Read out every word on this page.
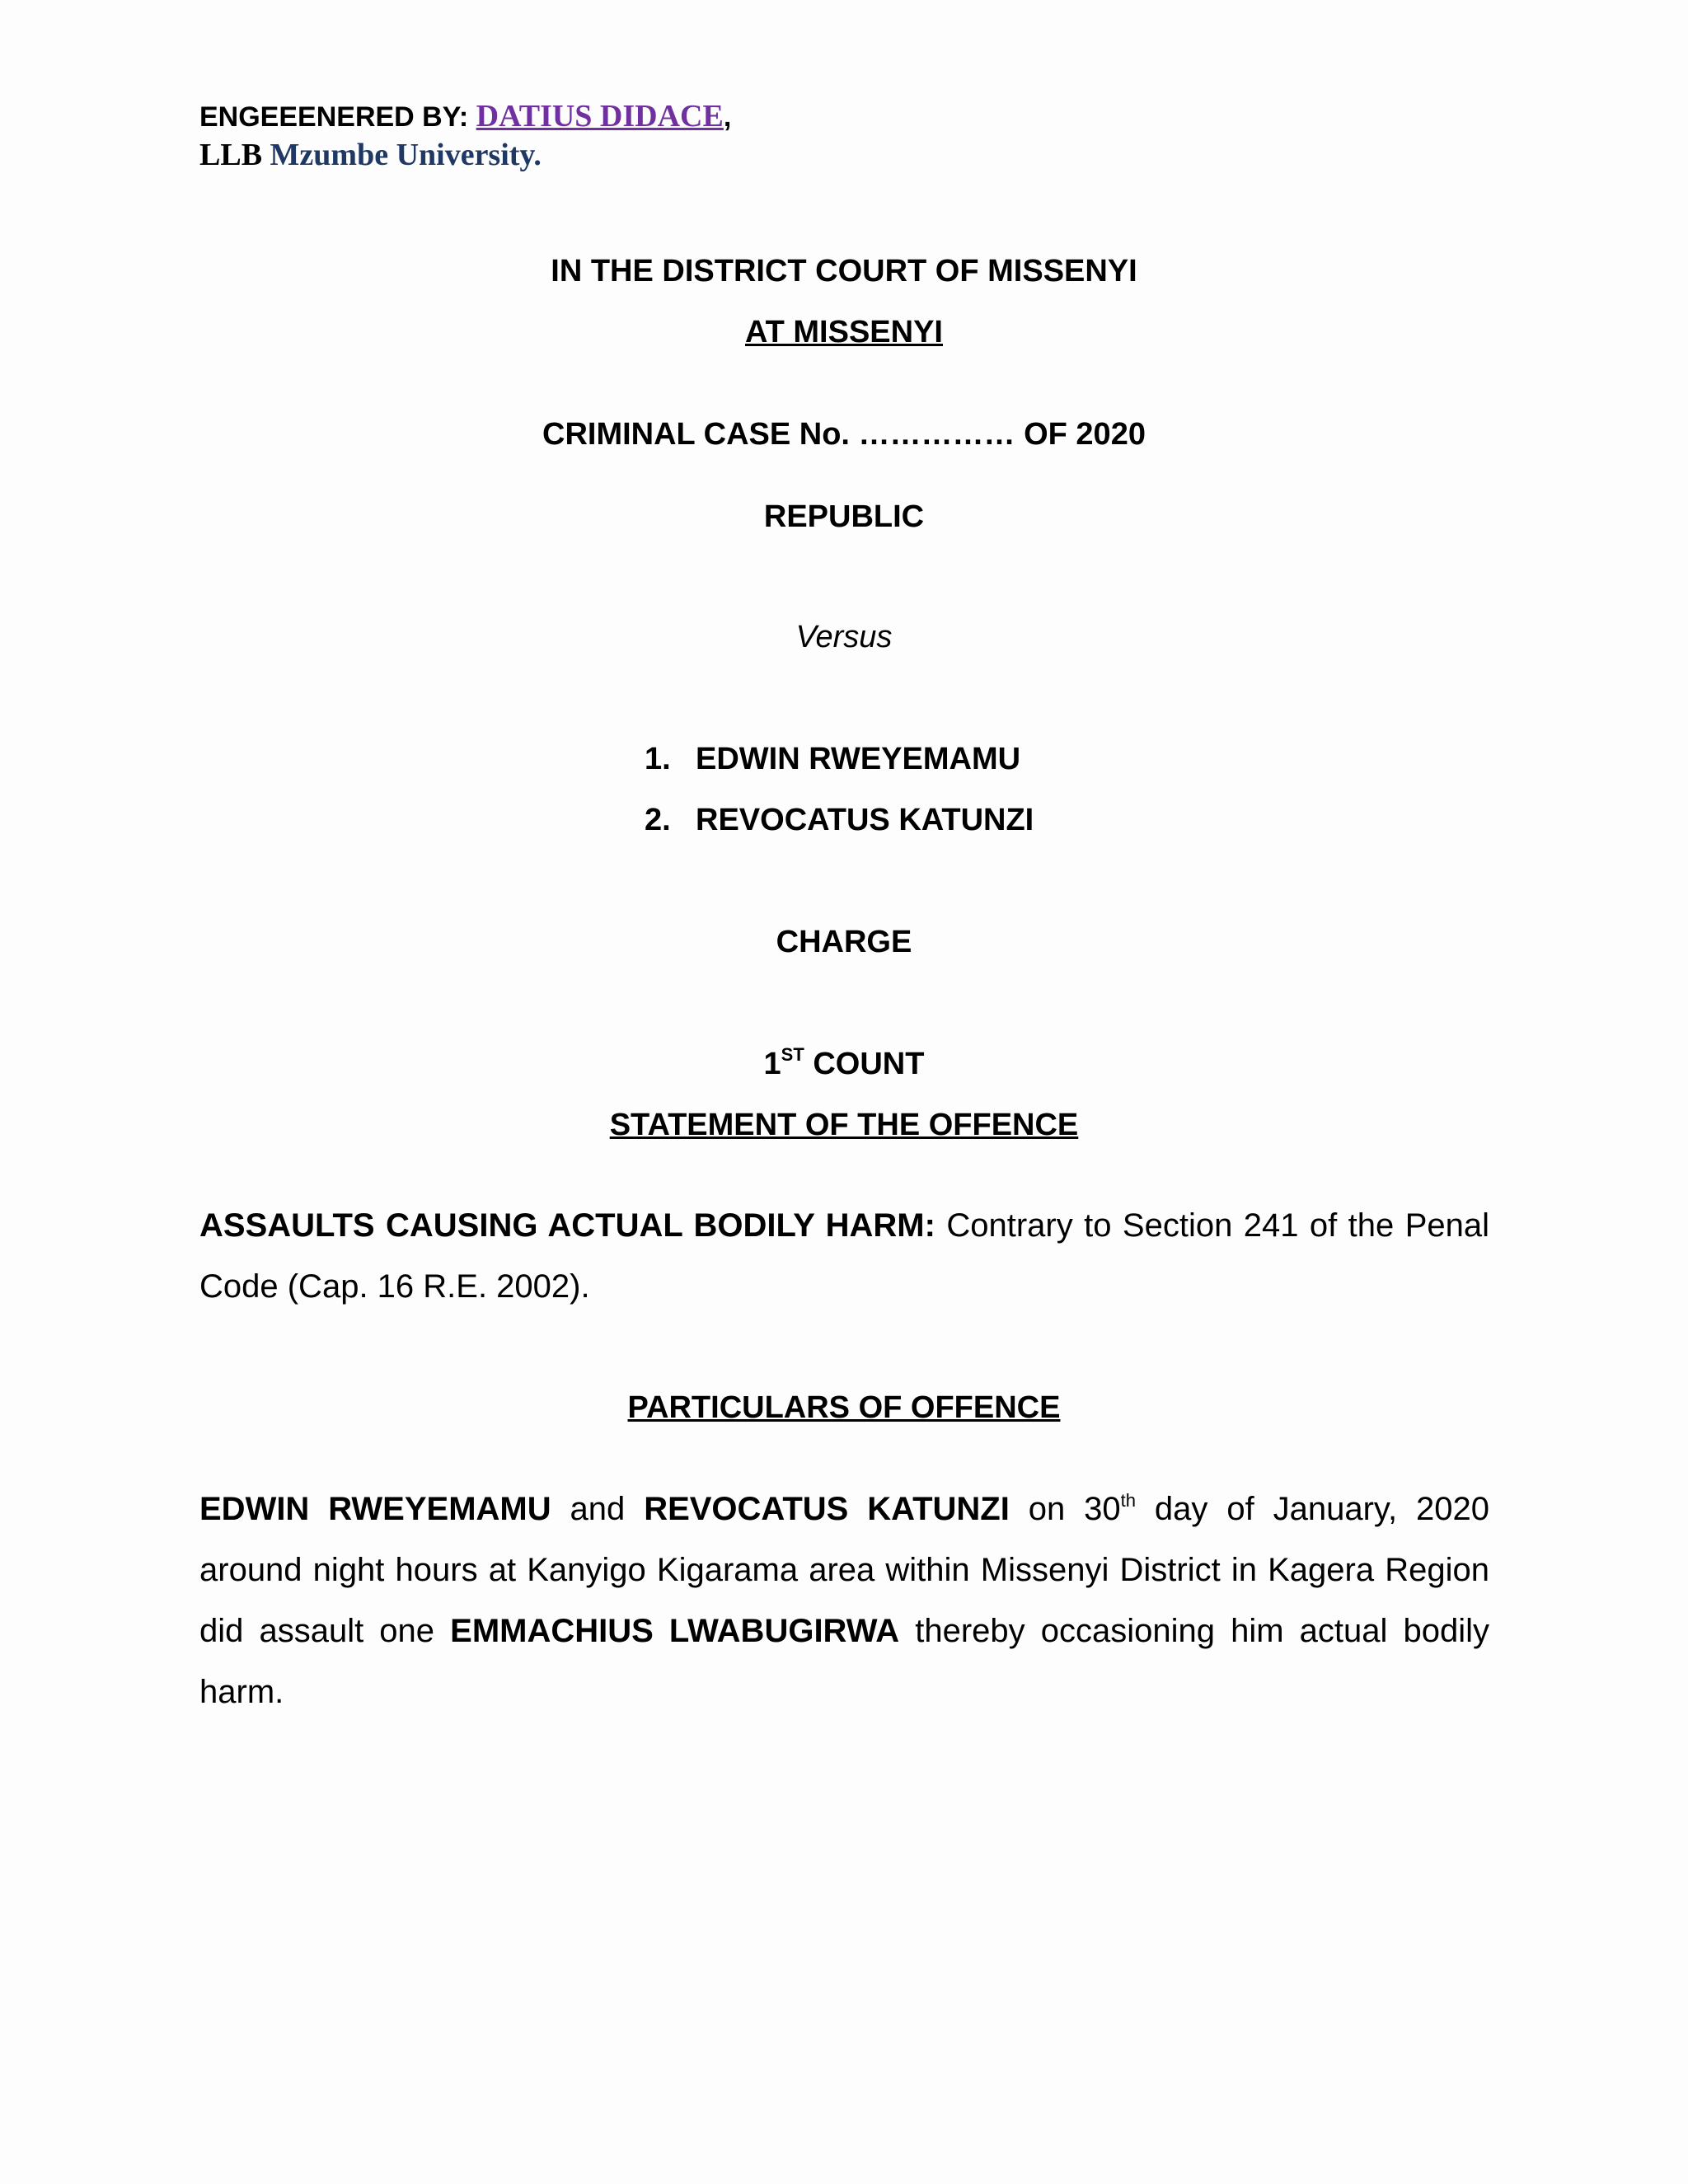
ENGEEENERED BY: DATIUS DIDACE,
LLB Mzumbe University.
IN THE DISTRICT COURT OF MISSENYI
AT MISSENYI
CRIMINAL CASE No. …………… OF 2020
REPUBLIC
Versus
1. EDWIN RWEYEMAMU
2. REVOCATUS KATUNZI
CHARGE
1ST COUNT
STATEMENT OF THE OFFENCE
ASSAULTS CAUSING ACTUAL BODILY HARM: Contrary to Section 241 of the Penal Code (Cap. 16 R.E. 2002).
PARTICULARS OF OFFENCE
EDWIN RWEYEMAMU and REVOCATUS KATUNZI on 30th day of January, 2020 around night hours at Kanyigo Kigarama area within Missenyi District in Kagera Region did assault one EMMACHIUS LWABUGIRWA thereby occasioning him actual bodily harm.
